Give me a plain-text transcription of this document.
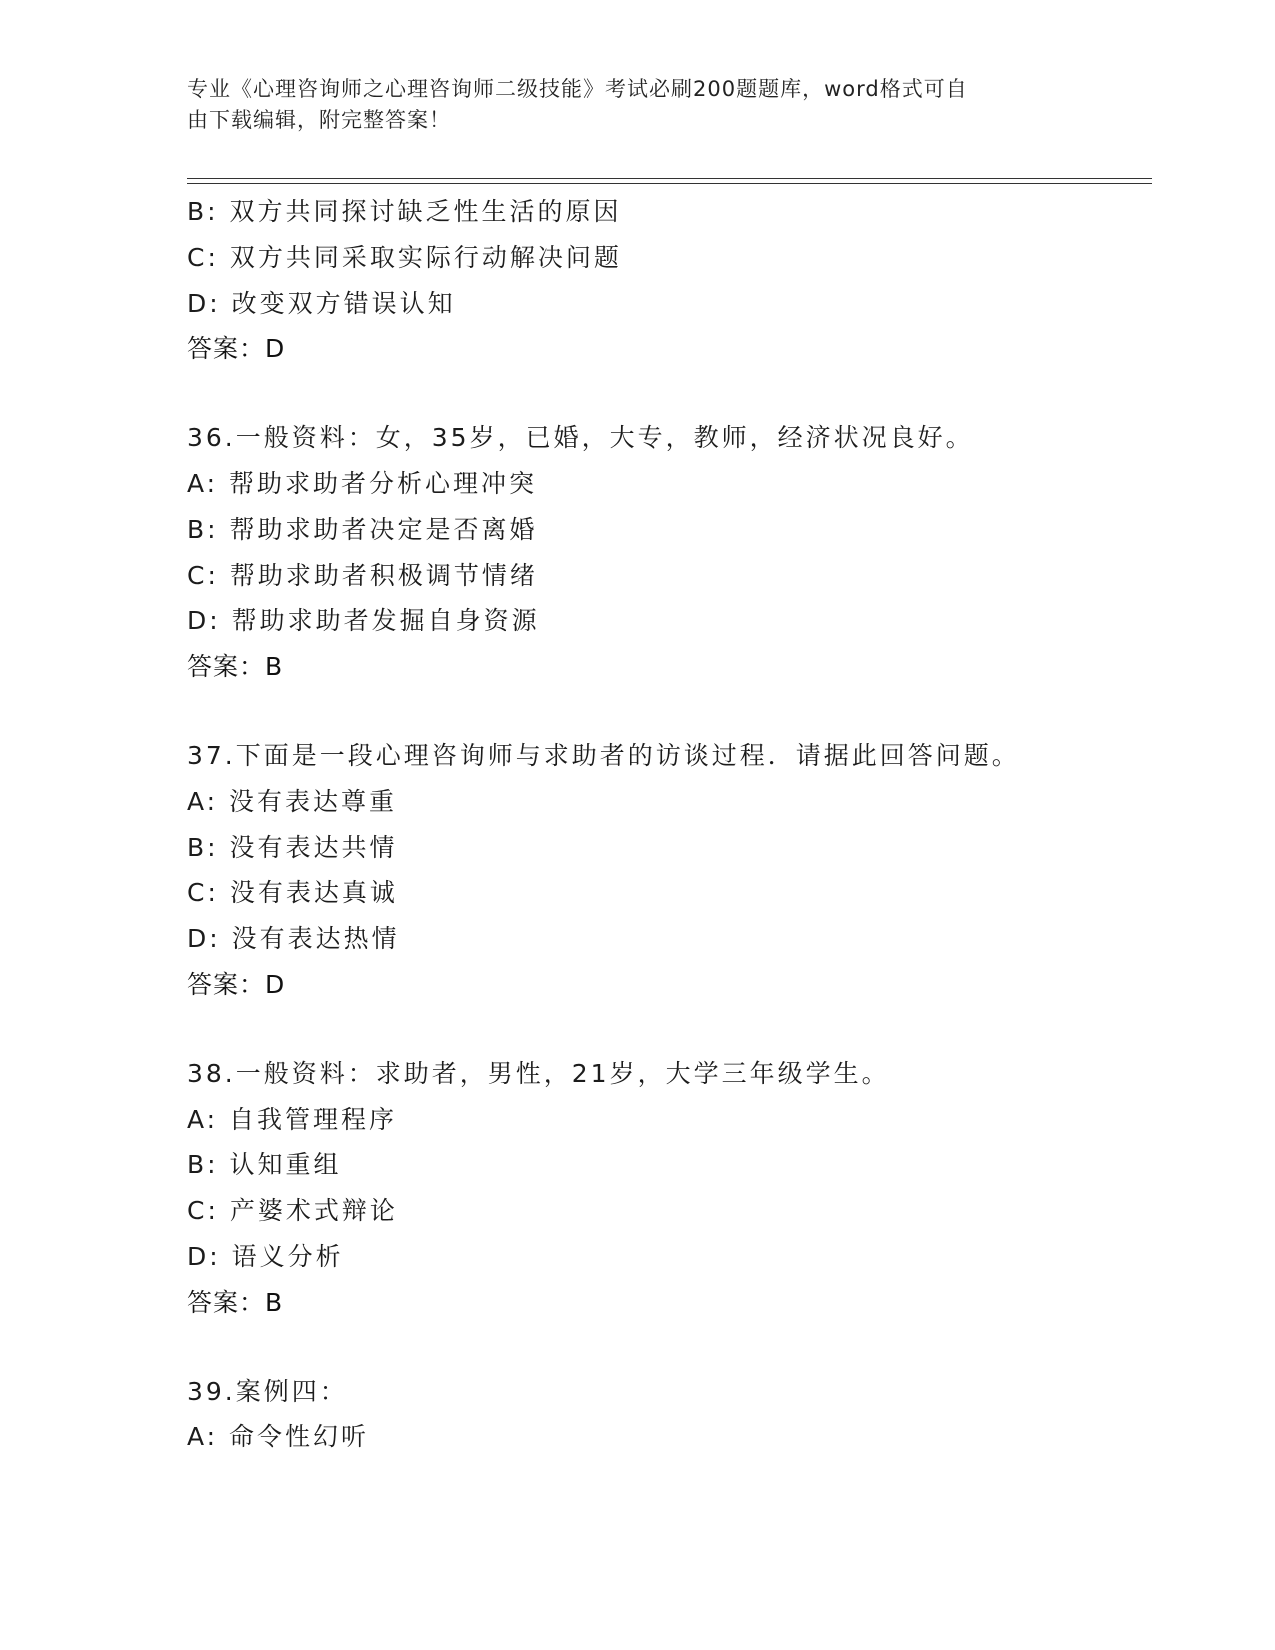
专业《心理咨询师之心理咨询师二级技能》考试必刷200题题库，word格式可自
由下载编辑，附完整答案！
B: 双方共同探讨缺乏性生活的原因
C: 双方共同采取实际行动解决问题
D: 改变双方错误认知
答案：D
36.一般资料：女，35岁，已婚，大专，教师，经济状况良好。
A: 帮助求助者分析心理冲突
B: 帮助求助者决定是否离婚
C: 帮助求助者积极调节情绪
D: 帮助求助者发掘自身资源
答案：B
37.下面是一段心理咨询师与求助者的访谈过程．请据此回答问题。
A: 没有表达尊重
B: 没有表达共情
C: 没有表达真诚
D: 没有表达热情
答案：D
38.一般资料：求助者，男性，21岁，大学三年级学生。
A: 自我管理程序
B: 认知重组
C: 产婆术式辩论
D: 语义分析
答案：B
39.案例四：
A: 命令性幻听
